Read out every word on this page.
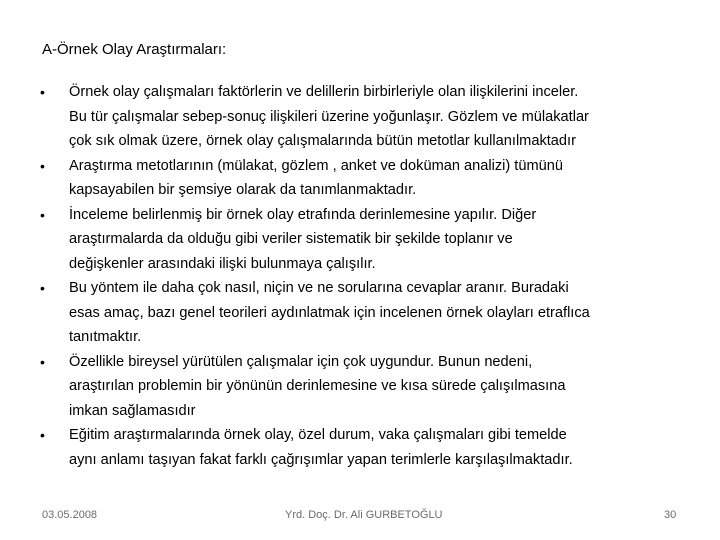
A-Örnek Olay Araştırmaları:
•	Örnek olay çalışmaları faktörlerin ve delillerin birbirleriyle olan ilişkilerini inceler.
Bu tür çalışmalar sebep-sonuç ilişkileri üzerine yoğunlaşır. Gözlem ve mülakatlar
çok sık olmak üzere, örnek olay çalışmalarında bütün metotlar kullanılmaktadır
•	Araştırma metotlarının (mülakat, gözlem , anket ve doküman analizi) tümünü
kapsayabilen bir şemsiye olarak da tanımlanmaktadır.
•	İnceleme belirlenmiş bir örnek olay etrafında derinlemesine yapılır. Diğer
araştırmalarda da olduğu gibi veriler sistematik bir şekilde toplanır ve
değişkenler arasındaki ilişki bulunmaya çalışılır.
•	Bu yöntem ile daha çok nasıl, niçin ve ne sorularına cevaplar aranır. Buradaki
esas amaç, bazı genel teorileri aydınlatmak için incelenen örnek olayları etraflıca
tanıtmaktır.
•	Özellikle bireysel yürütülen çalışmalar için çok uygundur. Bunun nedeni,
araştırılan problemin bir yönünün derinlemesine ve kısa sürede çalışılmasına
imkan sağlamasıdır
•	Eğitim araştırmalarında örnek olay, özel durum, vaka çalışmaları gibi temelde
aynı anlamı taşıyan fakat farklı çağrışımlar yapan terimlerle karşılaşılmaktadır.
03.05.2008	Yrd. Doç. Dr. Ali GURBETOĞLU	30
